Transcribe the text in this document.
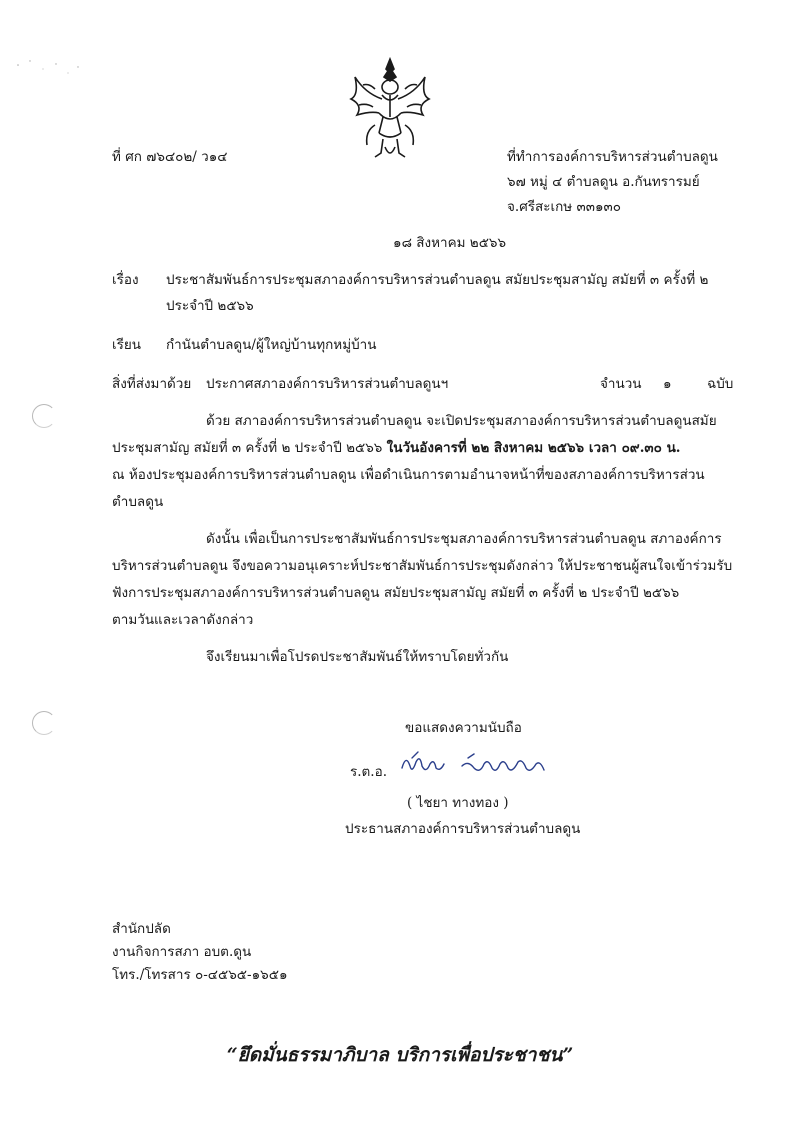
ที่ ศก ๗๖๔๐๒/ ว๑๔	ที่ทำการองค์การบริหารส่วนตำบลดูน
๖๗ หมู่ ๔ ตำบลดูน อ.กันทรารมย์
จ.ศรีสะเกษ ๓๓๑๓๐
๑๘ สิงหาคม ๒๕๖๖
เรื่อง ประชาสัมพันธ์การประชุมสภาองค์การบริหารส่วนตำบลดูน สมัยประชุมสามัญ สมัยที่ ๓ ครั้งที่ ๒
ประจำปี ๒๕๖๖
เรียน กำนันตำบลดูน/ผู้ใหญ่บ้านทุกหมู่บ้าน
สิ่งที่ส่งมาด้วย ประกาศสภาองค์การบริหารส่วนตำบลดูนฯ	จำนวน ๑	ฉบับ
ด้วย สภาองค์การบริหารส่วนตำบลดูน จะเปิดประชุมสภาองค์การบริหารส่วนตำบลดูนสมัย
ประชุมสามัญ สมัยที่ ๓ ครั้งที่ ๒ ประจำปี ๒๕๖๖ ในวันอังคารที่ ๒๒ สิงหาคม ๒๕๖๖ เวลา ๐๙.๓๐ น.
ณ ห้องประชุมองค์การบริหารส่วนตำบลดูน เพื่อดำเนินการตามอำนาจหน้าที่ของสภาองค์การบริหารส่วน
ตำบลดูน
ดังนั้น เพื่อเป็นการประชาสัมพันธ์การประชุมสภาองค์การบริหารส่วนตำบลดูน สภาองค์การ
บริหารส่วนตำบลดูน จึงขอความอนุเคราะห์ประชาสัมพันธ์การประชุมดังกล่าว ให้ประชาชนผู้สนใจเข้าร่วมรับ
ฟังการประชุมสภาองค์การบริหารส่วนตำบลดูน สมัยประชุมสามัญ สมัยที่ ๓ ครั้งที่ ๒ ประจำปี ๒๕๖๖
ตามวันและเวลาดังกล่าว
จึงเรียนมาเพื่อโปรดประชาสัมพันธ์ให้ทราบโดยทั่วกัน
ขอแสดงความนับถือ
ร.ต.อ.
( ไชยา ทางทอง )
ประธานสภาองค์การบริหารส่วนตำบลดูน
สำนักปลัด
งานกิจการสภา อบต.ดูน
โทร./โทรสาร ๐-๔๕๖๕-๑๖๕๑
“ยึดมั่นธรรมาภิบาล บริการเพื่อประชาชน”
